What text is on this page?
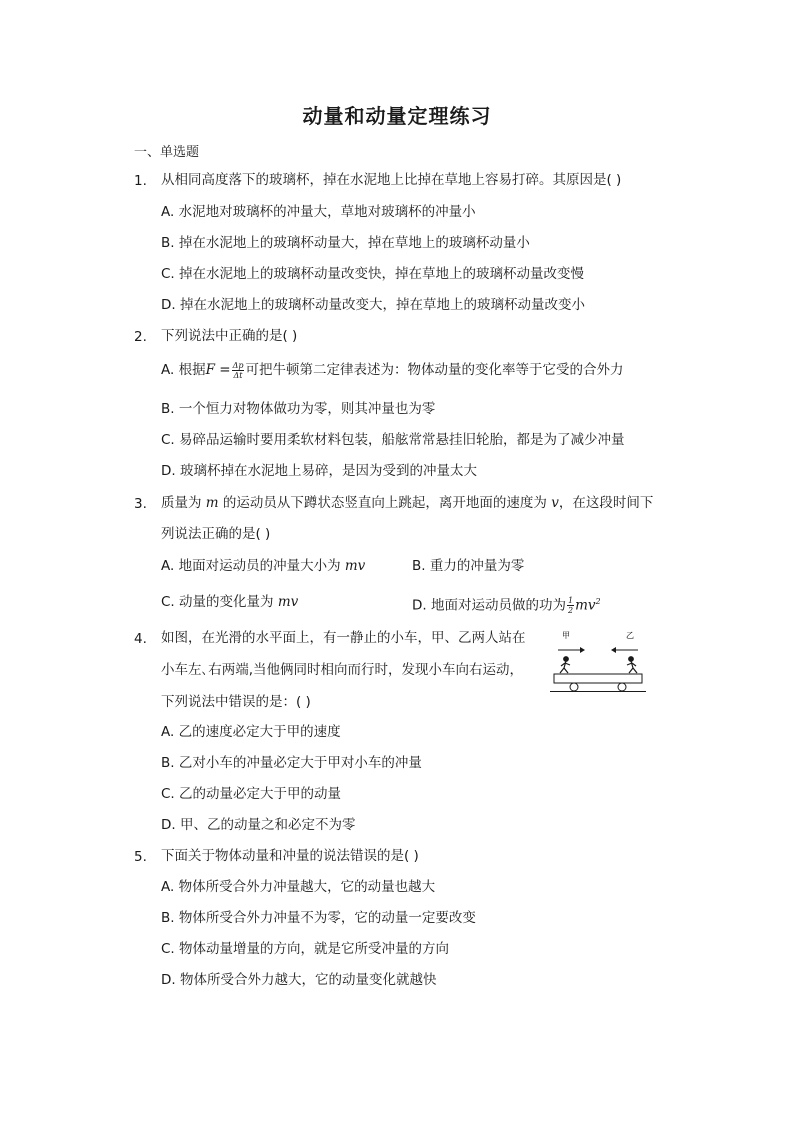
动量和动量定理练习
一、单选题
1. 从相同高度落下的玻璃杯，掉在水泥地上比掉在草地上容易打碎。其原因是( )
A. 水泥地对玻璃杯的冲量大，草地对玻璃杯的冲量小
B. 掉在水泥地上的玻璃杯动量大，掉在草地上的玻璃杯动量小
C. 掉在水泥地上的玻璃杯动量改变快，掉在草地上的玻璃杯动量改变慢
D. 掉在水泥地上的玻璃杯动量改变大，掉在草地上的玻璃杯动量改变小
2. 下列说法中正确的是( )
A. 根据$F = \frac{\Delta p}{\Delta t}$ 可把牛顿第二定律表述为：物体动量的变化率等于它受的合外力
B. 一个恒力对物体做功为零，则其冲量也为零
C. 易碎品运输时要用柔软材料包装，船舷常常悬挂旧轮胎，都是为了减少冲量
D. 玻璃杯掉在水泥地上易碎，是因为受到的冲量太大
3. 质量为 m 的运动员从下蹲状态竖直向上跳起，离开地面的速度为 v，在这段时间下
列说法正确的是( )
A. 地面对运动员的冲量大小为 mv	B. 重力的冲量为零
C. 动量的变化量为 mv	D. 地面对运动员做的功为 $\frac{1}{2} mv^2$
4. 如图，在光滑的水平面上，有一静止的小车，甲、乙两人站在
小车左､右两端,当他俩同时相向而行时，发现小车向右运动，
下列说法中错误的是：( )
甲	乙
A. 乙的速度必定大于甲的速度
B. 乙对小车的冲量必定大于甲对小车的冲量
C. 乙的动量必定大于甲的动量
D. 甲、乙的动量之和必定不为零
5. 下面关于物体动量和冲量的说法错误的是( )
A. 物体所受合外力冲量越大，它的动量也越大
B. 物体所受合外力冲量不为零，它的动量一定要改变
C. 物体动量增量的方向，就是它所受冲量的方向
D. 物体所受合外力越大，它的动量变化就越快
